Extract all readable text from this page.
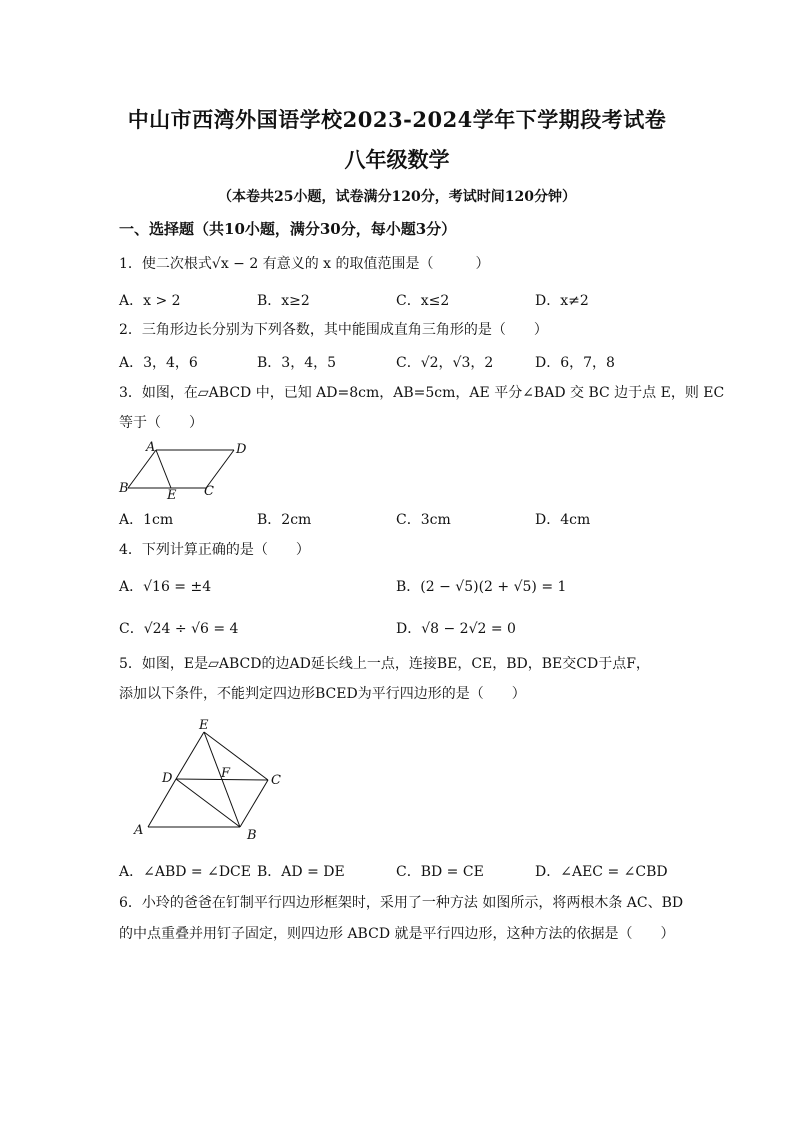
中山市西湾外国语学校2023-2024学年下学期段考试卷
八年级数学
（本卷共25小题，试卷满分120分，考试时间120分钟）
一、选择题（共10小题，满分30分，每小题3分）
1．使二次根式√x − 2 有意义的 x 的取值范围是（　　　）
A．x > 2	B．x≥2	C．x≤2	D．x≠2
2．三角形边长分别为下列各数，其中能围成直角三角形的是（　　）
A．3，4，6	B．3，4，5	C．√2，√3，2	D．6，7，8
3．如图，在▱ABCD 中，已知 AD=8cm，AB=5cm，AE 平分∠BAD 交 BC 边于点 E，则 EC
等于（　　）
A	D
B	E C
A．1cm	B．2cm	C．3cm	D．4cm
4．下列计算正确的是（　　）
A．√16 = ±4	B．(2 − √5)(2 + √5) = 1
C．√24 ÷ √6 = 4	D．√8 − 2√2 = 0
5．如图，E是▱ABCD的边AD延长线上一点，连接BE，CE，BD，BE交CD于点F，
添加以下条件，不能判定四边形BCED为平行四边形的是（　　）
E
D	F	C
A	B
A．∠ABD = ∠DCE B．AD = DE	C．BD = CE	D．∠AEC = ∠CBD
6．小玲的爸爸在钉制平行四边形框架时，采用了一种方法 如图所示，将两根木条 AC、BD
的中点重叠并用钉子固定，则四边形 ABCD 就是平行四边形，这种方法的依据是（　　）
